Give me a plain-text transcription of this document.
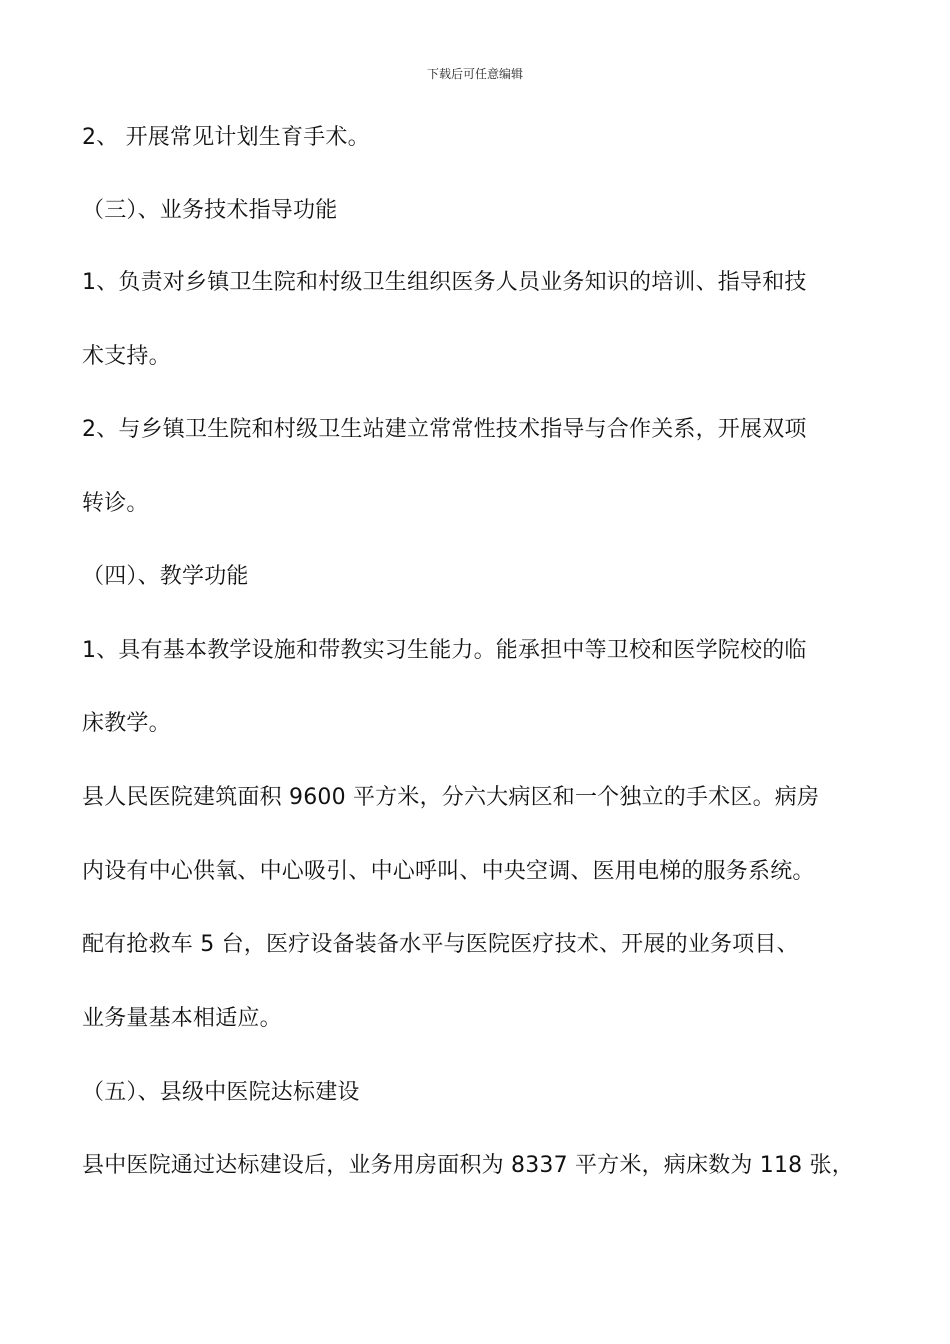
下载后可任意编辑
2、 开展常见计划生育手术。
（三）、业务技术指导功能
1、负责对乡镇卫生院和村级卫生组织医务人员业务知识的培训、指导和技
术支持。
2、与乡镇卫生院和村级卫生站建立常常性技术指导与合作关系，开展双项
转诊。
（四）、教学功能
1、具有基本教学设施和带教实习生能力。能承担中等卫校和医学院校的临
床教学。
县人民医院建筑面积 9600 平方米，分六大病区和一个独立的手术区。病房
内设有中心供氧、中心吸引、中心呼叫、中央空调、医用电梯的服务系统。
配有抢救车 5 台，医疗设备装备水平与医院医疗技术、开展的业务项目、
业务量基本相适应。
（五）、县级中医院达标建设
县中医院通过达标建设后，业务用房面积为 8337 平方米，病床数为 118 张，
